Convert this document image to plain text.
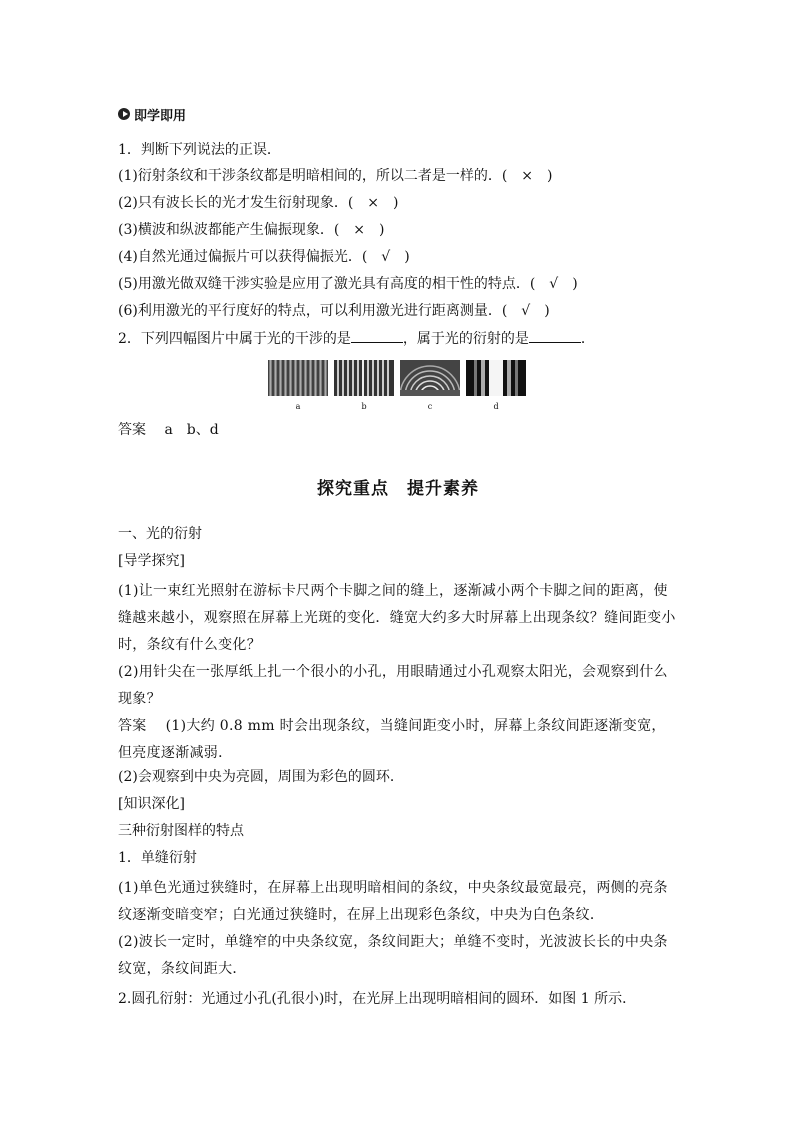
即学即用
1．判断下列说法的正误．
(1)衍射条纹和干涉条纹都是明暗相间的，所以二者是一样的．(　×　)
(2)只有波长长的光才发生衍射现象．(　×　)
(3)横波和纵波都能产生偏振现象．(　×　)
(4)自然光通过偏振片可以获得偏振光．(　√　)
(5)用激光做双缝干涉实验是应用了激光具有高度的相干性的特点．(　√　)
(6)利用激光的平行度好的特点，可以利用激光进行距离测量．(　√　)
2．下列四幅图片中属于光的干涉的是	，属于光的衍射的是	．
a	b	c	d
答案　 a　b、d
探究重点　提升素养
一、光的衍射
[导学探究]
(1)让一束红光照射在游标卡尺两个卡脚之间的缝上，逐渐减小两个卡脚之间的距离，使缝越来越小，观察照在屏幕上光斑的变化．缝宽大约多大时屏幕上出现条纹？缝间距变小时，条纹有什么变化？
(2)用针尖在一张厚纸上扎一个很小的小孔，用眼睛通过小孔观察太阳光，会观察到什么现象？
答案　 (1)大约 0.8 mm 时会出现条纹，当缝间距变小时，屏幕上条纹间距逐渐变宽，但亮度逐渐减弱．
(2)会观察到中央为亮圆，周围为彩色的圆环．
[知识深化]
三种衍射图样的特点
1．单缝衍射
(1)单色光通过狭缝时，在屏幕上出现明暗相间的条纹，中央条纹最宽最亮，两侧的亮条纹逐渐变暗变窄；白光通过狭缝时，在屏上出现彩色条纹，中央为白色条纹．
(2)波长一定时，单缝窄的中央条纹宽，条纹间距大；单缝不变时，光波波长长的中央条纹宽，条纹间距大．
2.圆孔衍射：光通过小孔(孔很小)时，在光屏上出现明暗相间的圆环．如图 1 所示．
